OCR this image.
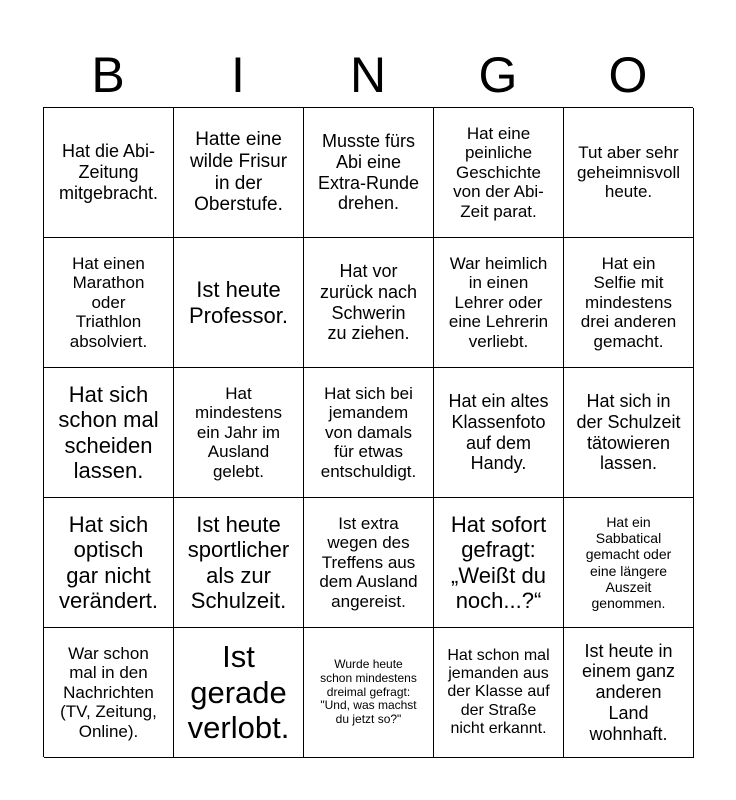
B	I	N	G	O
Hat die Abi-
Zeitung
mitgebracht.
Hatte eine
wilde Frisur
in der
Oberstufe.
Musste fürs
Abi eine
Extra-Runde
drehen.
Hat eine
peinliche
Geschichte
von der Abi-
Zeit parat.
Tut aber sehr
geheimnisvoll
heute.
Hat einen
Marathon
oder
Triathlon
absolviert.
Ist heute
Professor.
Hat vor
zurück nach
Schwerin
zu ziehen.
War heimlich
in einen
Lehrer oder
eine Lehrerin
verliebt.
Hat ein
Selfie mit
mindestens
drei anderen
gemacht.
Hat sich
schon mal
scheiden
lassen.
Hat
mindestens
ein Jahr im
Ausland
gelebt.
Hat sich bei
jemandem
von damals
für etwas
entschuldigt.
Hat ein altes
Klassenfoto
auf dem
Handy.
Hat sich in
der Schulzeit
tätowieren
lassen.
Hat sich
optisch
gar nicht
verändert.
Ist heute
sportlicher
als zur
Schulzeit.
Ist extra
wegen des
Treffens aus
dem Ausland
angereist.
Hat sofort
gefragt:
„Weißt du
noch...?“
Hat ein
Sabbatical
gemacht oder
eine längere
Auszeit
genommen.
War schon
mal in den
Nachrichten
(TV, Zeitung,
Online).
Ist
gerade
verlobt.
Wurde heute
schon mindestens
dreimal gefragt:
"Und, was machst
du jetzt so?"
Hat schon mal
jemanden aus
der Klasse auf
der Straße
nicht erkannt.
Ist heute in
einem ganz
anderen
Land
wohnhaft.
